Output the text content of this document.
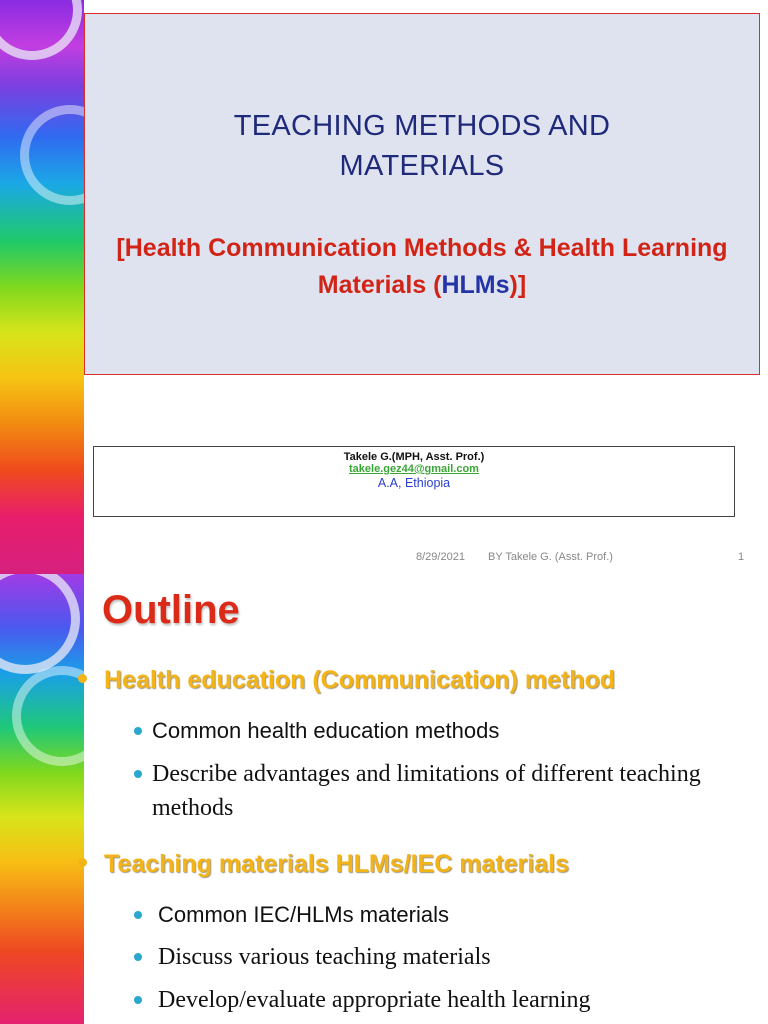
TEACHING METHODS AND MATERIALS
[Health Communication Methods & Health Learning Materials (HLMs)]
Takele G.(MPH, Asst. Prof.)
takele.gez44@gmail.com
A.A, Ethiopia
8/29/2021 BY Takele G. (Asst. Prof.)	1
Outline
Health education (Communication) method
Common health education methods
Describe advantages and limitations of different teaching methods
Teaching materials HLMs/IEC materials
Common IEC/HLMs materials
Discuss various teaching materials
Develop/evaluate appropriate health learning
